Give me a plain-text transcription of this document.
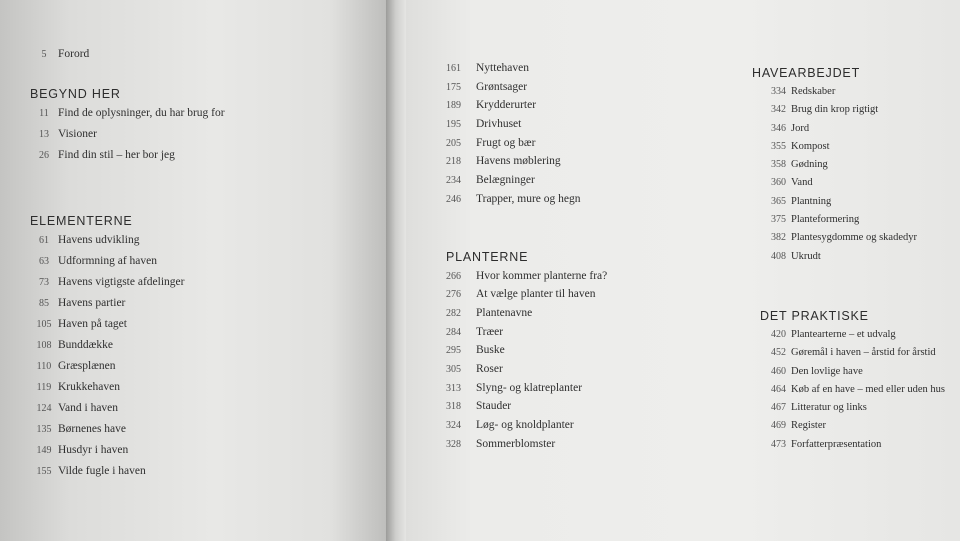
5	Forord
BEGYND HER
11 Find de oplysninger, du har brug for
13 Visioner
26 Find din stil – her bor jeg
ELEMENTERNE
61 Havens udvikling
63 Udformning af haven
73 Havens vigtigste afdelinger
85 Havens partier
105 Haven på taget
108 Bunddække
110 Græsplænen
119 Krukkehaven
124 Vand i haven
135 Børnenes have
149 Husdyr i haven
155 Vilde fugle i haven
161	Nyttehaven
175	Grøntsager
189	Krydderurter
195	Drivhuset
205	Frugt og bær
218	Havens møblering
234	Belægninger
246	Trapper, mure og hegn
PLANTERNE
266	Hvor kommer planterne fra?
276	At vælge planter til haven
282	Plantenavne
284	Træer
295	Buske
305	Roser
313	Slyng- og klatreplanter
318	Stauder
324	Løg- og knoldplanter
328	Sommerblomster
HAVEARBEJDET
334 Redskaber
342 Brug din krop rigtigt
346 Jord
355 Kompost
358 Gødning
360 Vand
365 Plantning
375 Planteformering
382 Plantesygdomme og skadedyr
408 Ukrudt
DET PRAKTISKE
420 Plantearterne – et udvalg
452 Gøremål i haven – årstid for årstid
460 Den lovlige have
464 Køb af en have – med eller uden hus
467 Litteratur og links
469 Register
473 Forfatterpræsentation
